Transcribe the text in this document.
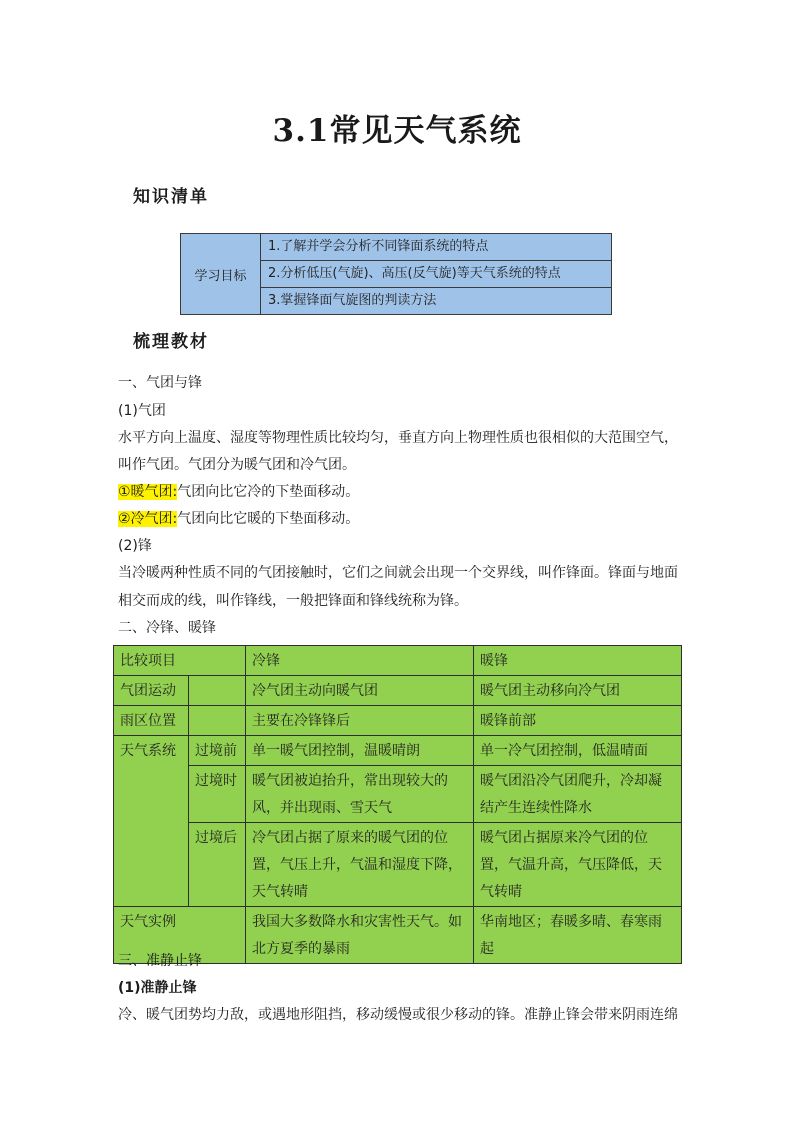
3.1常见天气系统
知识清单
学习目标	1.了解并学会分析不同锋面系统的特点
2.分析低压(气旋)、高压(反气旋)等天气系统的特点
3.掌握锋面气旋图的判读方法
梳理教材
一、气团与锋
(1)气团
水平方向上温度、湿度等物理性质比较均匀，垂直方向上物理性质也很相似的大范围空气，
叫作气团。气团分为暖气团和冷气团。
①暖气团:气团向比它冷的下垫面移动。
②冷气团:气团向比它暖的下垫面移动。
(2)锋
当冷暖两种性质不同的气团接触时，它们之间就会出现一个交界线，叫作锋面。锋面与地面
相交而成的线，叫作锋线，一般把锋面和锋线统称为锋。
二、冷锋、暖锋
比较项目		冷锋	暖锋
气团运动		冷气团主动向暖气团	暖气团主动移向冷气团
雨区位置		主要在冷锋锋后	暖锋前部
天气系统	过境前	单一暖气团控制，温暖晴朗	单一冷气团控制，低温晴面
	过境时	暖气团被迫抬升，常出现较大的风，并出现雨、雪天气	暖气团沿冷气团爬升，冷却凝结产生连续性降水
	过境后	冷气团占据了原来的暖气团的位置，气压上升，气温和湿度下降，天气转晴	暖气团占据原来冷气团的位置，气温升高，气压降低，天气转晴
天气实例		我国大多数降水和灾害性天气。如北方夏季的暴雨	华南地区；春暖多晴、春寒雨起
三、准静止锋
(1)准静止锋
冷、暖气团势均力敌，或遇地形阻挡，移动缓慢或很少移动的锋。准静止锋会带来阴雨连绵
